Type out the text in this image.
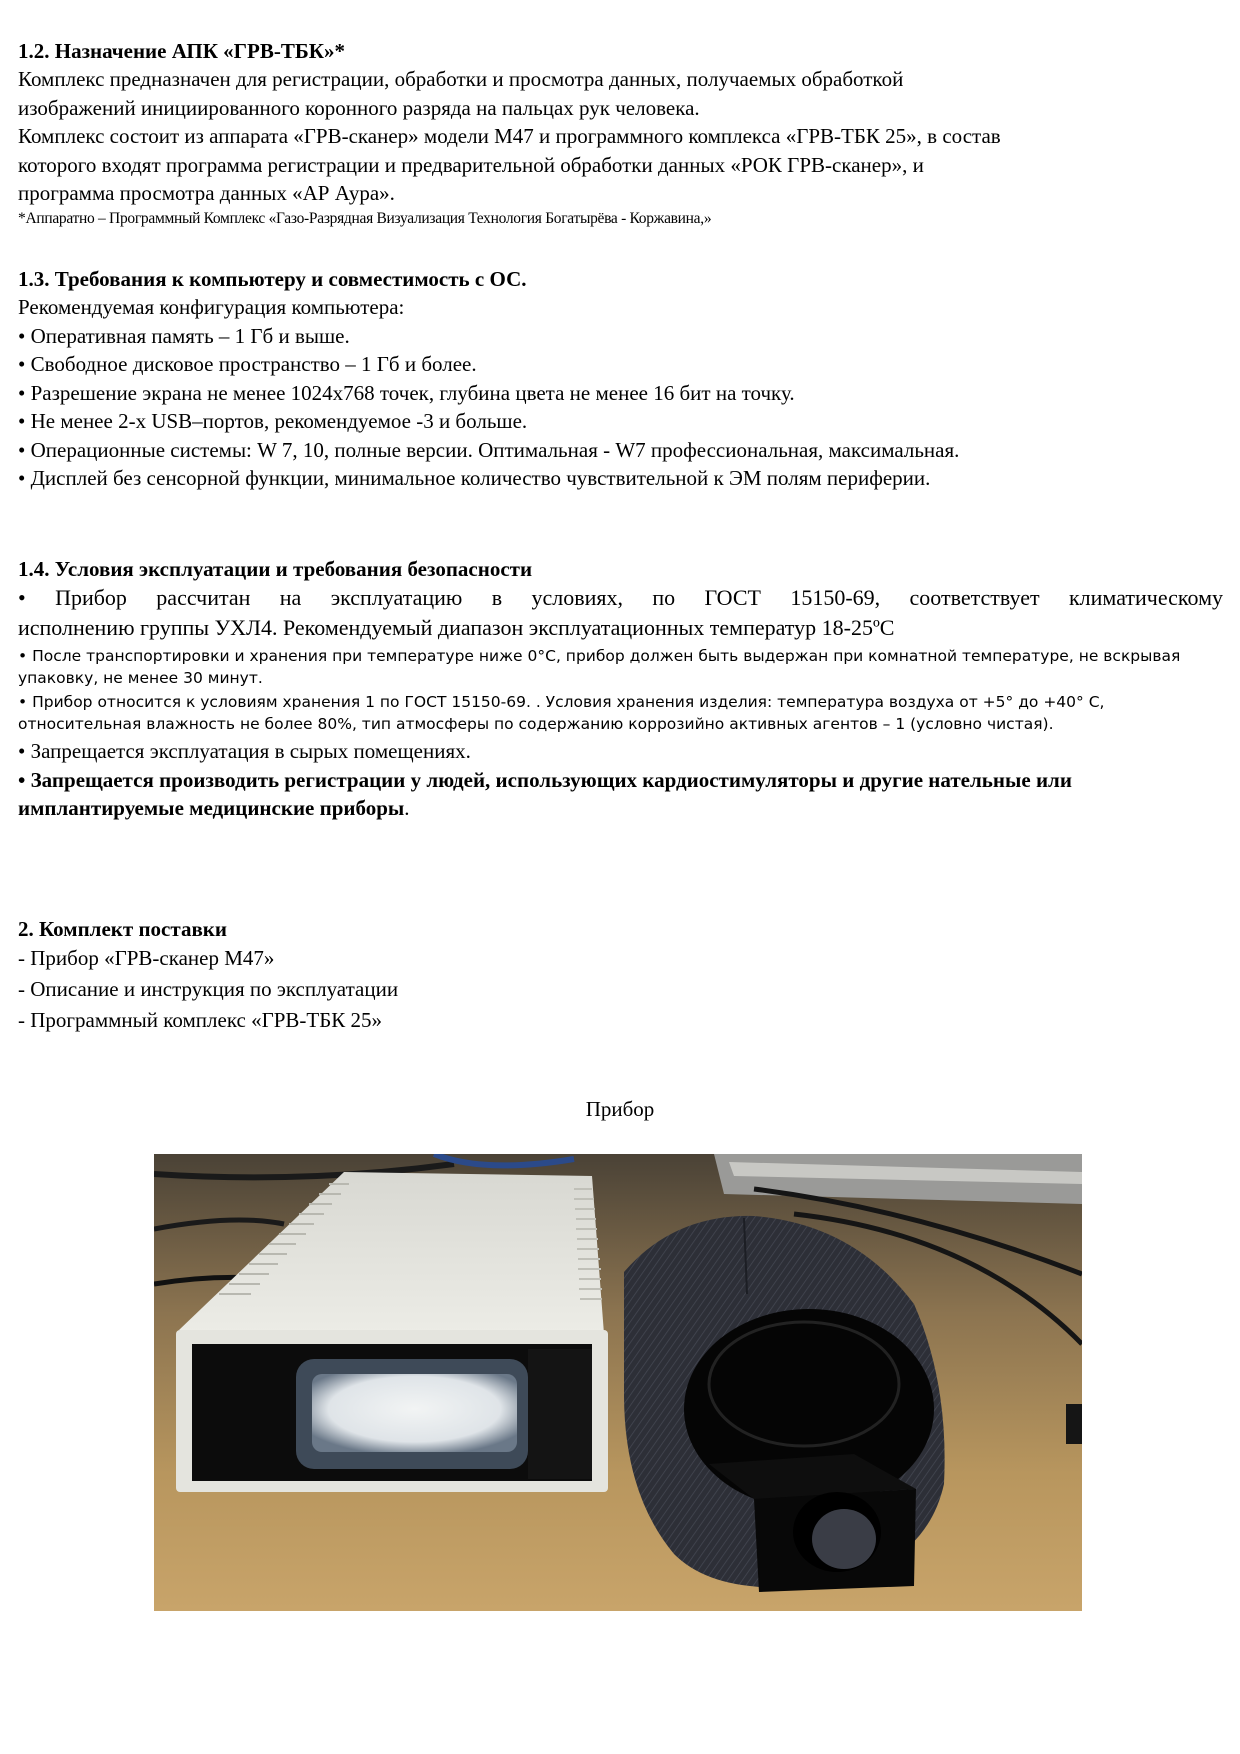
1.2. Назначение АПК «ГРВ-ТБК»*

Комплекс предназначен для регистрации, обработки и просмотра данных, получаемых обработкой

изображений инициированного коронного разряда на пальцах рук человека.

Комплекс состоит из аппарата «ГРВ-сканер» модели М47 и программного комплекса «ГРВ-ТБК 25», в состав

которого входят программа регистрации и предварительной обработки данных «РОК ГРВ-сканер», и

программа просмотра данных «АР Аура».

*Аппаратно – Программный Комплекс «Газо-Разрядная Визуализация Технология Богатырёва - Коржавина,»

1.3. Требования к компьютеру и совместимость с ОС.

Рекомендуемая конфигурация компьютера:

• Оперативная память – 1 Гб и выше.

• Свободное дисковое пространство – 1 Гб и более.

• Разрешение экрана не менее 1024x768 точек, глубина цвета не менее 16 бит на точку.

• Не менее 2-х USB–портов, рекомендуемое -3 и больше.

• Операционные системы: W 7, 10, полные версии. Оптимальная - W7 профессиональная, максимальная.

• Дисплей без сенсорной функции, минимальное количество чувствительной к ЭМ полям периферии.

1.4. Условия эксплуатации и требования безопасности

• Прибор рассчитан на эксплуатацию в условиях, по ГОСТ 15150-69, соответствует климатическому

исполнению группы УХЛ4. Рекомендуемый диапазон эксплуатационных температур 18-25ºC

• После транспортировки и хранения при температуре ниже 0°C, прибор должен быть выдержан при комнатной температуре, не вскрывая упаковку, не менее 30 минут.

• Прибор относится к условиям хранения 1 по ГОСТ 15150-69. . Условия хранения изделия: температура воздуха от +5° до +40° C, относительная влажность не более 80%, тип атмосферы по содержанию коррозийно активных агентов – 1 (условно чистая).

• Запрещается эксплуатация в сырых помещениях.

• Запрещается производить регистрации у людей, использующих кардиостимуляторы и другие нательные или имплантируемые медицинские приборы.

2. Комплект поставки

- Прибор «ГРВ-сканер М47»

- Описание и инструкция по эксплуатации

- Программный комплекс «ГРВ-ТБК 25»

Прибор
